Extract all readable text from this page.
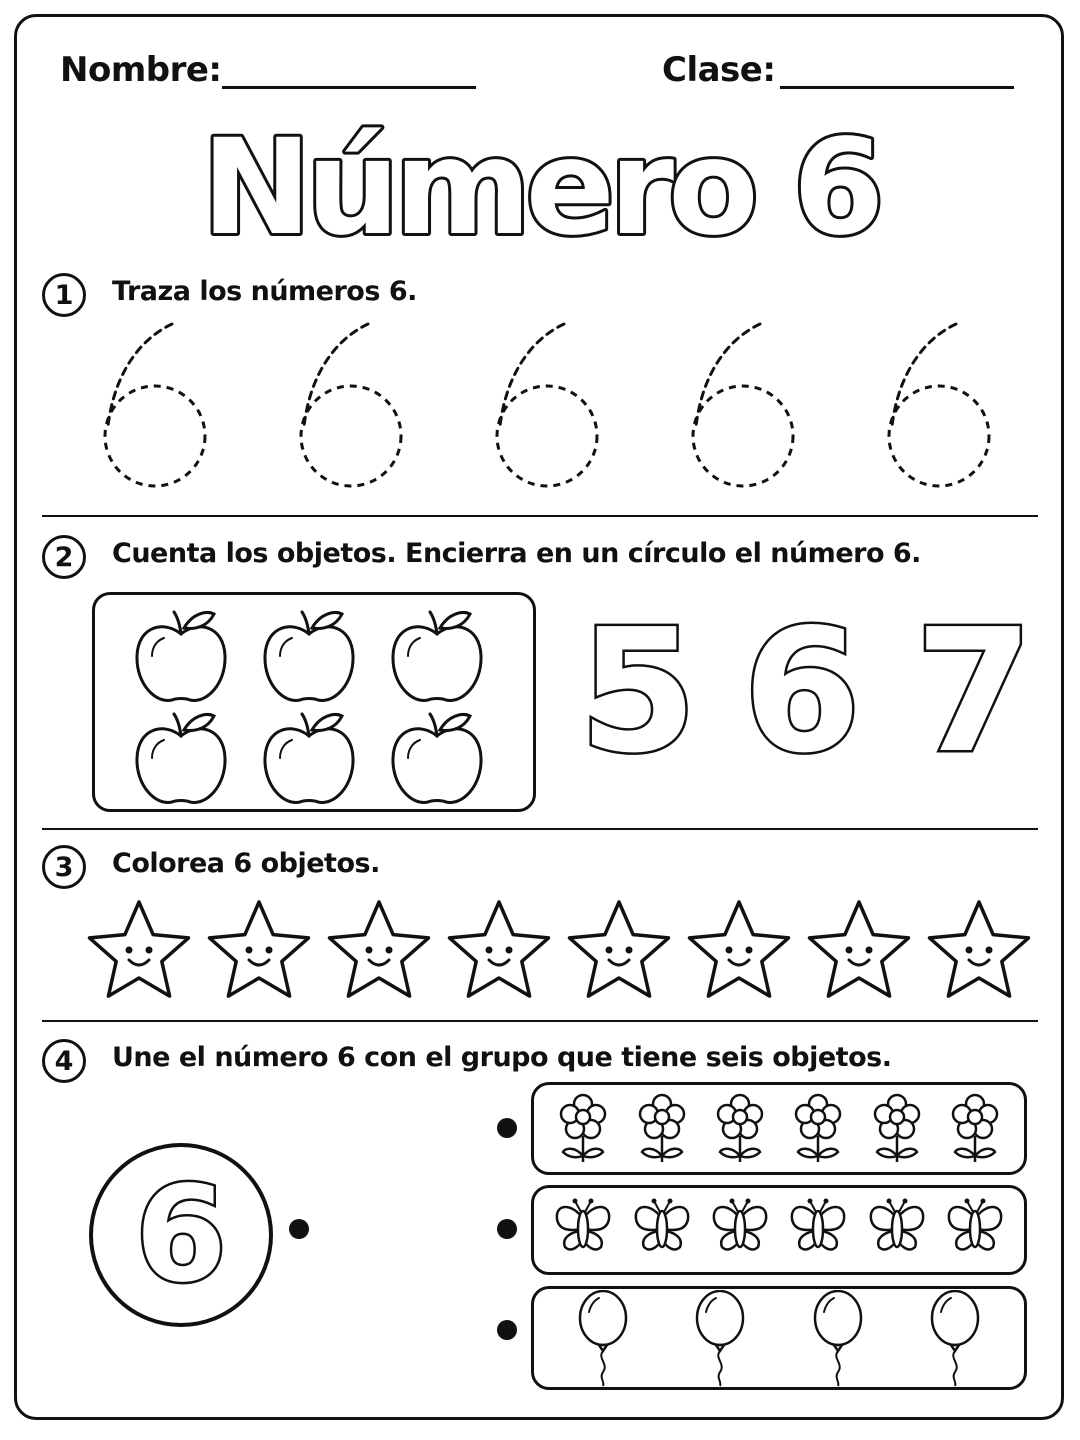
Nombre:	Clase:
Número 6
1	Traza los números 6.
2	Cuenta los objetos. Encierra en un círculo el número 6.
5 6 7
3	Colorea 6 objetos.
4	Une el número 6 con el grupo que tiene seis objetos.
6
